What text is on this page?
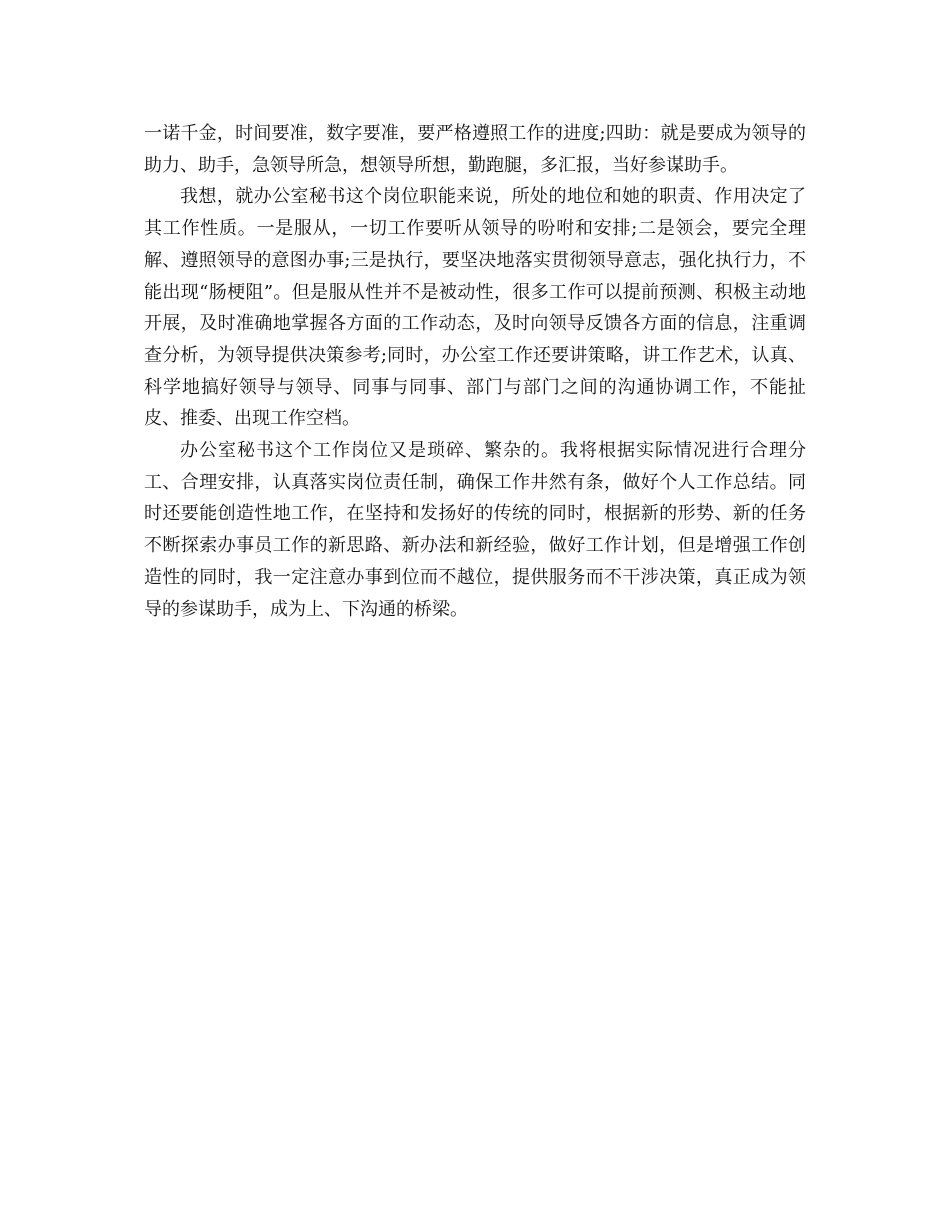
一诺千金，时间要准，数字要准，要严格遵照工作的进度;四助：就是要成为领导的助力、助手，急领导所急，想领导所想，勤跑腿，多汇报，当好参谋助手。

我想，就办公室秘书这个岗位职能来说，所处的地位和她的职责、作用决定了其工作性质。一是服从，一切工作要听从领导的吩咐和安排;二是领会，要完全理解、遵照领导的意图办事;三是执行，要坚决地落实贯彻领导意志，强化执行力，不能出现“肠梗阻”。但是服从性并不是被动性，很多工作可以提前预测、积极主动地开展，及时准确地掌握各方面的工作动态，及时向领导反馈各方面的信息，注重调查分析，为领导提供决策参考;同时，办公室工作还要讲策略，讲工作艺术，认真、科学地搞好领导与领导、同事与同事、部门与部门之间的沟通协调工作，不能扯皮、推委、出现工作空档。

办公室秘书这个工作岗位又是琐碎、繁杂的。我将根据实际情况进行合理分工、合理安排，认真落实岗位责任制，确保工作井然有条，做好个人工作总结。同时还要能创造性地工作，在坚持和发扬好的传统的同时，根据新的形势、新的任务不断探索办事员工作的新思路、新办法和新经验，做好工作计划，但是增强工作创造性的同时，我一定注意办事到位而不越位，提供服务而不干涉决策，真正成为领导的参谋助手，成为上、下沟通的桥梁。
